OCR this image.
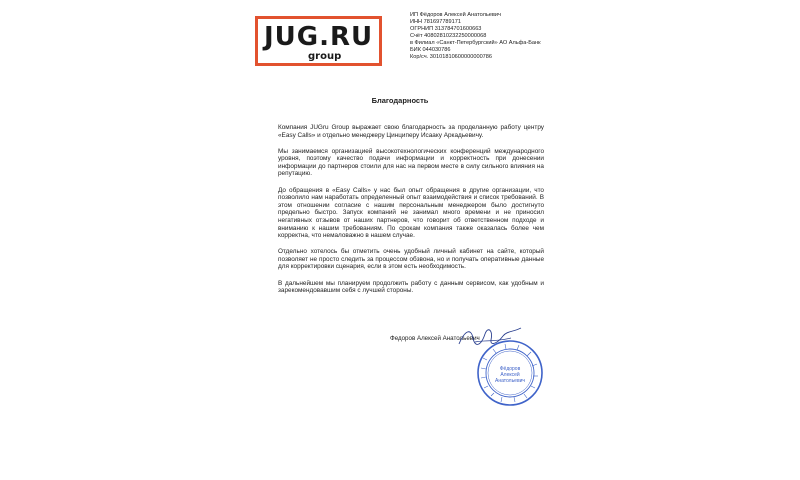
JUG.RU
group
ИП Фёдоров Алексей Анатольевич
ИНН 781697789171
ОГРНИП 313784701600663
Счёт 40802810232250000068
в Филиал «Санкт-Петербургский» АО Альфа-Банк
БИК 044030786
Кор/сч. 30101810600000000786
Благодарность

Компания JUGru Group выражает свою благодарность за проделанную работу центру «Easy Calls» и отдельно менеджеру Цинциперу Исааку Аркадьевичу.

Мы занимаемся организацией высокотехнологических конференций международного уровня, поэтому качество подачи информации и корректность при донесении информации до партнеров стоили для нас на первом месте в силу сильного влияния на репутацию.

До обращения в «Easy Calls» у нас был опыт обращения в другие организации, что позволило нам наработать определенный опыт взаимодействия и список требований. В этом отношении согласие с нашим персональным менеджером было достигнуто предельно быстро. Запуск компаний не занимал много времени и не приносил негативных отзывов от наших партнеров, что говорит об ответственном подходе и вниманию к нашим требованиям. По срокам компания также оказалась более чем корректна, что немаловажно в нашем случае.

Отдельно хотелось бы отметить очень удобный личный кабинет на сайте, который позволяет не просто следить за процессом обзвона, но и получать оперативные данные для корректировки сценария, если в этом есть необходимость.

В дальнейшем мы планируем продолжить работу с данным сервисом, как удобным и зарекомендовавшим себя с лучшей стороны.

Федоров Алексей Анатольевич
Фёдоров
Алексей
Анатольевич
